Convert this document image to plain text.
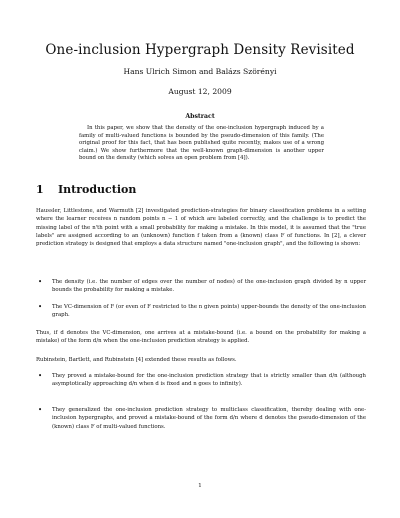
One-inclusion Hypergraph Density Revisited
Hans Ulrich Simon and Balázs Szörényi
August 12, 2009
Abstract
In this paper, we show that the density of the one-inclusion hypergraph induced by a family of multi-valued functions is bounded by the pseudo-dimension of this family. (The original proof for this fact, that has been published quite recently, makes use of a wrong claim.) We show furthermore that the well-known graph-dimension is another upper bound on the density (which solves an open problem from [4]).
1 Introduction
Haussler, Littlestone, and Warmuth [2] investigated prediction-strategies for binary classification problems in a setting where the learner receives n random points n − 1 of which are labeled correctly, and the challenge is to predict the missing label of the n'th point with a small probability for making a mistake. In this model, it is assumed that the "true labels" are assigned according to an (unknown) function f taken from a (known) class F of functions. In [2], a clever prediction strategy is designed that employs a data structure named "one-inclusion graph", and the following is shown:
• The density (i.e. the number of edges over the number of nodes) of the one-inclusion graph divided by n upper bounds the probability for making a mistake.
• The VC-dimension of F (or even of F restricted to the n given points) upper-bounds the density of the one-inclusion graph.
Thus, if d denotes the VC-dimension, one arrives at a mistake-bound (i.e. a bound on the probability for making a mistake) of the form d/n when the one-inclusion prediction strategy is applied.
Rubinstein, Bartlett, and Rubinstein [4] extended these results as follows.
• They proved a mistake-bound for the one-inclusion prediction strategy that is strictly smaller than d/n (although asymptotically approaching d/n when d is fixed and n goes to infinity).
• They generalized the one-inclusion prediction strategy to multiclass classification, thereby dealing with one-inclusion hypergraphs, and proved a mistake-bound of the form d/n where d denotes the pseudo-dimension of the (known) class F of multi-valued functions.
1
